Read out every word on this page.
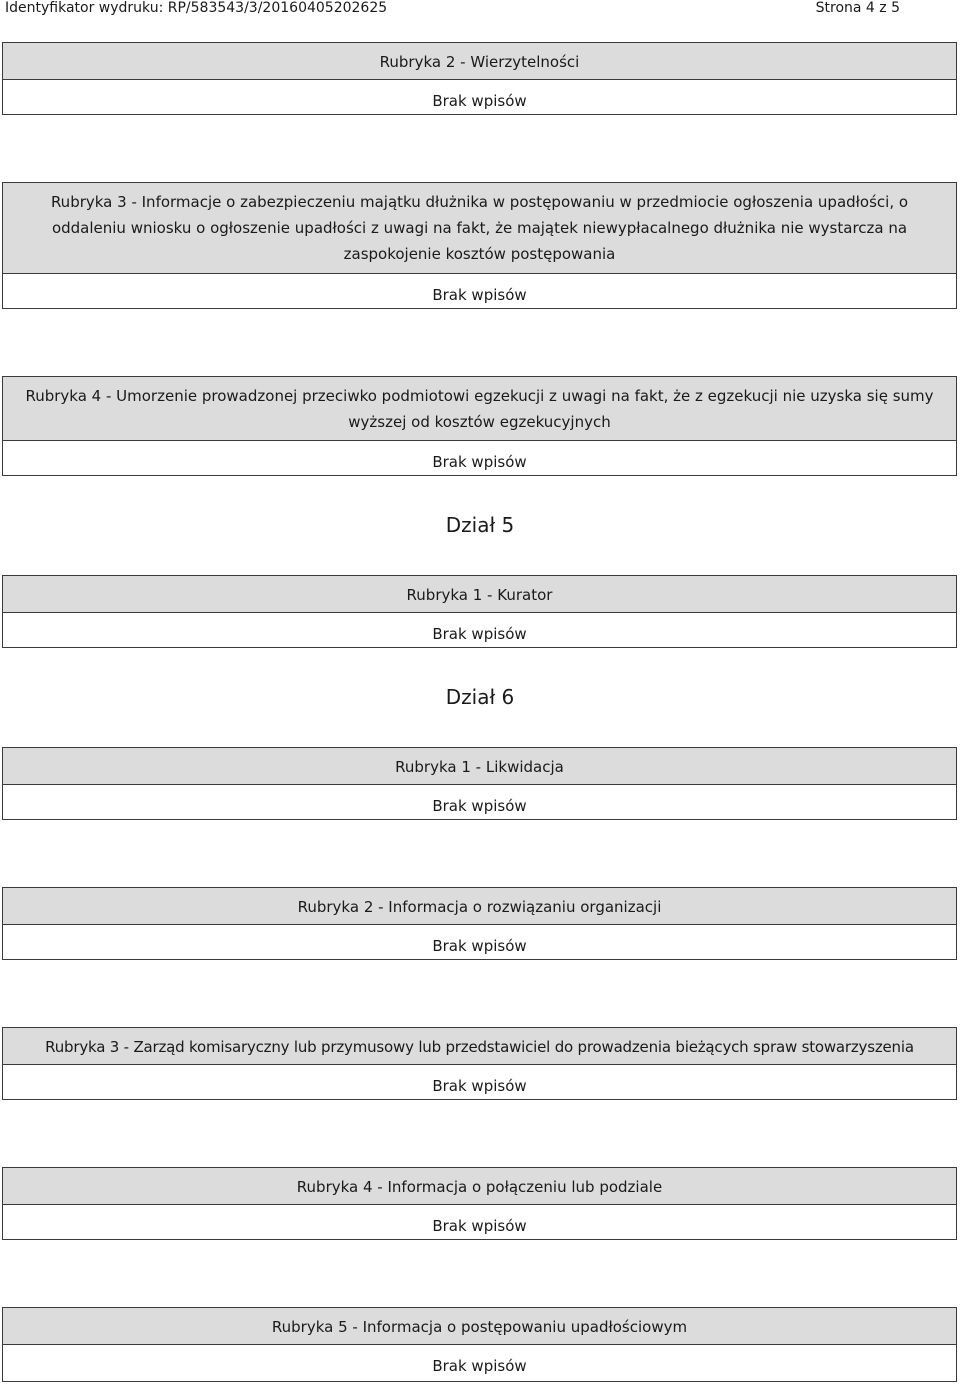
Identyfikator wydruku: RP/583543/3/20160405202625	Strona 4 z 5
Rubryka 2 - Wierzytelności
Brak wpisów
Rubryka 3 - Informacje o zabezpieczeniu majątku dłużnika w postępowaniu w przedmiocie ogłoszenia upadłości, o oddaleniu wniosku o ogłoszenie upadłości z uwagi na fakt, że majątek niewypłacalnego dłużnika nie wystarcza na zaspokojenie kosztów postępowania
Brak wpisów
Rubryka 4 - Umorzenie prowadzonej przeciwko podmiotowi egzekucji z uwagi na fakt, że z egzekucji nie uzyska się sumy wyższej od kosztów egzekucyjnych
Brak wpisów
Dział 5
Rubryka 1 - Kurator
Brak wpisów
Dział 6
Rubryka 1 - Likwidacja
Brak wpisów
Rubryka 2 - Informacja o rozwiązaniu organizacji
Brak wpisów
Rubryka 3 - Zarząd komisaryczny lub przymusowy lub przedstawiciel do prowadzenia bieżących spraw stowarzyszenia
Brak wpisów
Rubryka 4 - Informacja o połączeniu lub podziale
Brak wpisów
Rubryka 5 - Informacja o postępowaniu upadłościowym
Brak wpisów
